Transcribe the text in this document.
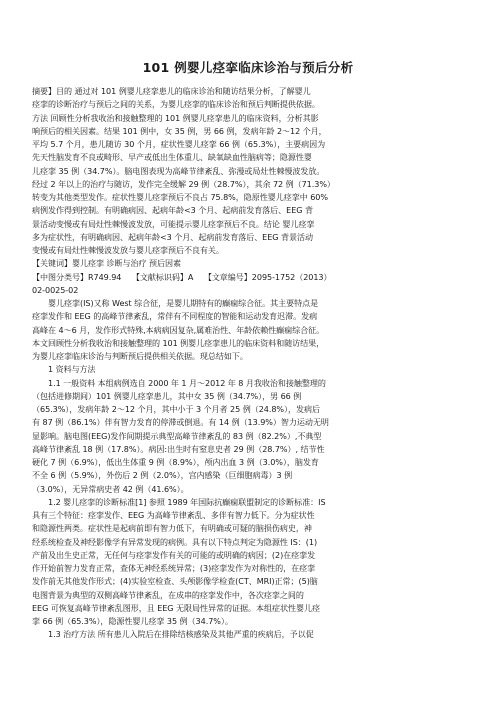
101 例婴儿痉挛临床诊治与预后分析
摘要】目的 通过对 101 例婴儿痉挛患儿的临床诊治和随访结果分析，了解婴儿
痉挛的诊断治疗与预后之间的关系，为婴儿痉挛的临床诊治和预后判断提供依据。
方法 回顾性分析我收治和接触整理的 101 例婴儿痉挛患儿的临床资料，分析其影
响预后的相关因素。结果 101 例中，女 35 例，男 66 例，发病年龄 2～12 个月，
平均 5.7 个月，患儿随访 30 个月，症状性婴儿痉挛 66 例（65.3%），主要病因为
先天性脑发育不良或畸形、早产或低出生体重儿、缺氧缺血性脑病等；隐源性婴
儿痉挛 35 例（34.7%）。脑电图表现为高峰节律紊乱、弥漫或局灶性棘慢波发放。
经过 2 年以上的治疗与随访，发作完全缓解 29 例（28.7%），其余 72 例（71.3%）
转变为其他类型发作。症状性婴儿痉挛预后不良占 75.8%，隐原性婴儿痉挛中 60%
病例发作得到控制。有明确病因、起病年龄<3 个月、起病前发育落后、EEG 背
景活动变慢或有局灶性棘慢波发放，可能提示婴儿痉挛预后不良。结论 婴儿痉挛
多为症状性，有明确病因、起病年龄<3 个月、起病前发育落后、EEG 背景活动
变慢或有局灶性棘慢波发放与婴儿痉挛预后不良有关。
【关键词】婴儿痉挛 诊断与治疗 预后因素
【中图分类号】R749.94　 【文献标识码】A　 【文章编号】2095-1752（2013）
02-0025-02
　　婴儿痉挛(IS)又称 West 综合征，是婴儿期特有的癫痫综合征。其主要特点是
痉挛发作和 EEG 的高峰节律紊乱，常伴有不同程度的智能和运动发育迟滞。发病
高峰在 4～6 月，发作形式特殊,本病病因复杂,属难治性、年龄依赖性癫痫综合征。
本文回顾性分析我收治和接触整理的 101 例婴儿痉挛患儿的临床资料和随访结果，
为婴儿痉挛临床诊治与判断预后提供相关依据。现总结如下。
　　1 资料与方法
　　1.1 一般资料 本组病例选自 2000 年 1 月～2012 年 8 月我收治和接触整理的
（包括进修期间）101 例婴儿痉挛患儿，其中女 35 例（34.7%），男 66 例
（65.3%），发病年龄 2～12 个月，其中小于 3 个月者 25 例（24.8%），发病后
有 87 例（86.1%）伴有智力发育的停滞或倒退。有 14 例（13.9%）智力运动无明
显影响。脑电图(EEG)发作间期提示典型高峰节律紊乱的 83 例（82.2%）,不典型
高峰节律紊乱 18 例（17.8%）。病因:出生时有窒息史者 29 例（28.7%）, 结节性
硬化 7 例（6.9%），低出生体重 9 例（8.9%），颅内出血 3 例（3.0%），脑发育
不全 6 例（5.9%），外伤后 2 例（2.0%），宫内感染（巨细胞病毒）3 例
（3.0%），无异常病史者 42 例（41.6%）。
　　1.2 婴儿痉挛的诊断标准[1] 参照 1989 年国际抗癫痫联盟制定的诊断标准：IS
具有三个特征：痉挛发作、EEG 为高峰节律紊乱、多伴有智力低下。分为症状性
和隐源性两类。症状性是起病前即有智力低下，有明确或可疑的脑损伤病史，神
经系统检查及神经影像学有异常发现的病例。具有以下特点判定为隐源性 IS：(1)
产前及出生史正常，无任何与痉挛发作有关的可能的或明确的病因；(2)在痉挛发
作开始前智力发育正常，查体无神经系统异常；(3)痉挛发作为对称性的，在痉挛
发作前无其他发作形式；(4)实验室检查、头颅影像学检查(CT、MRI)正常；(5)脑
电图背景为典型的双侧高峰节律紊乱，在成串的痉挛发作中，各次痉挛之间的
EEG 可恢复高峰节律紊乱图形，且 EEG 无限局性异常的证据。本组症状性婴儿痉
挛 66 例（65.3%），隐源性婴儿痉挛 35 例（34.7%）。
　　1.3 治疗方法 所有患儿入院后在排除结核感染及其他严重的疾病后，予以促
